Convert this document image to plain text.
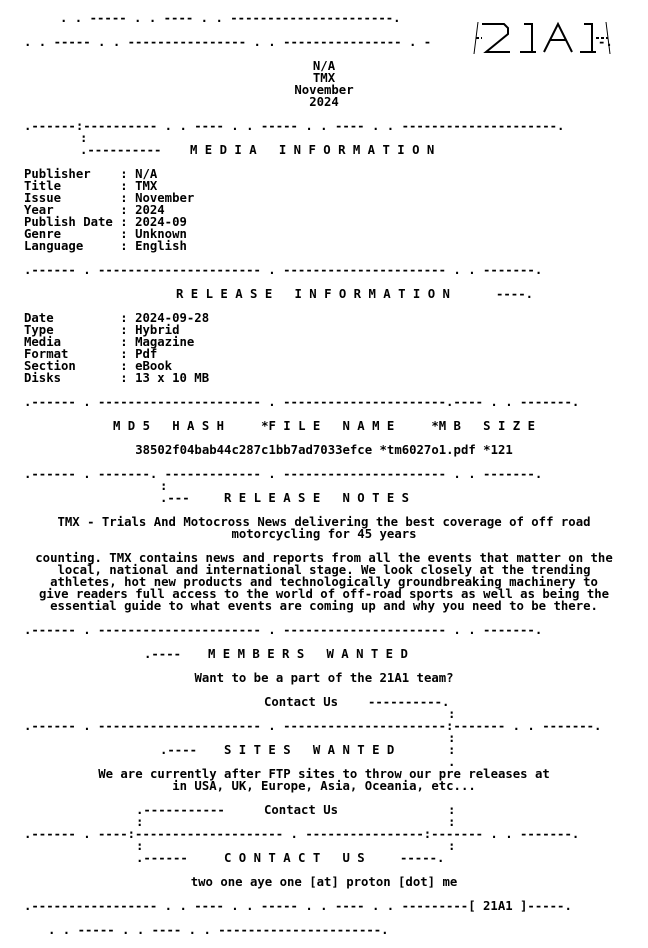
. . ----- . . ---- . . ----------------------.
. . ----- . . ---------------- . . ---------------- . -	-.
21A1
N/A
TMX
November
2024
.------:---------- . . ---- . . ----- . . ---- . . ---------------------.
:
.---------- M E D I A   I N F O R M A T I O N
Publisher    : N/A
Title        : TMX
Issue        : November
Year         : 2024
Publish Date : 2024-09
Genre        : Unknown
Language     : English
.------ . ---------------------- . ---------------------- . . -------.
R E L E A S E   I N F O R M A T I O N	----.
Date         : 2024-09-28
Type         : Hybrid
Media        : Magazine
Format       : Pdf
Section      : eBook
Disks        : 13 x 10 MB
.------ . ---------------------- . ----------------------.---- . . -------.
M D 5   H A S H     *F I L E   N A M E     *M B   S I Z E
38502f04bab44c287c1bb7ad7033efce *tm6027o1.pdf *121
.------ . -------. ------------- . ---------------------- . . -------.
:
.---	R E L E A S E   N O T E S
TMX - Trials And Motocross News delivering the best coverage of off road
motorcycling for 45 years
counting. TMX contains news and reports from all the events that matter on the
local, national and international stage. We look closely at the trending
athletes, hot new products and technologically groundbreaking machinery to
give readers full access to the world of off-road sports as well as being the
essential guide to what events are coming up and why you need to be there.
.------ . ---------------------- . ---------------------- . . -------.
.---- M E M B E R S   W A N T E D
Want to be a part of the 21A1 team?
Contact Us ----------.
:
.------ . ---------------------- . ----------------------:------- . . -------.
:
.---- S I T E S   W A N T E D	:
.
We are currently after FTP sites to throw our pre releases at
in USA, UK, Europe, Asia, Oceania, etc...
.-----------	Contact Us	:
:	:
.------ . ----:-------------------- . ----------------:------- . . -------.
:	:
.------	C O N T A C T   U S	-----.
two one aye one [at] proton [dot] me
.----------------- . . ---- . . ----- . . ---- . . ---------[ 21A1 ]-----.
. . ----- . . ---- . . ----------------------.
